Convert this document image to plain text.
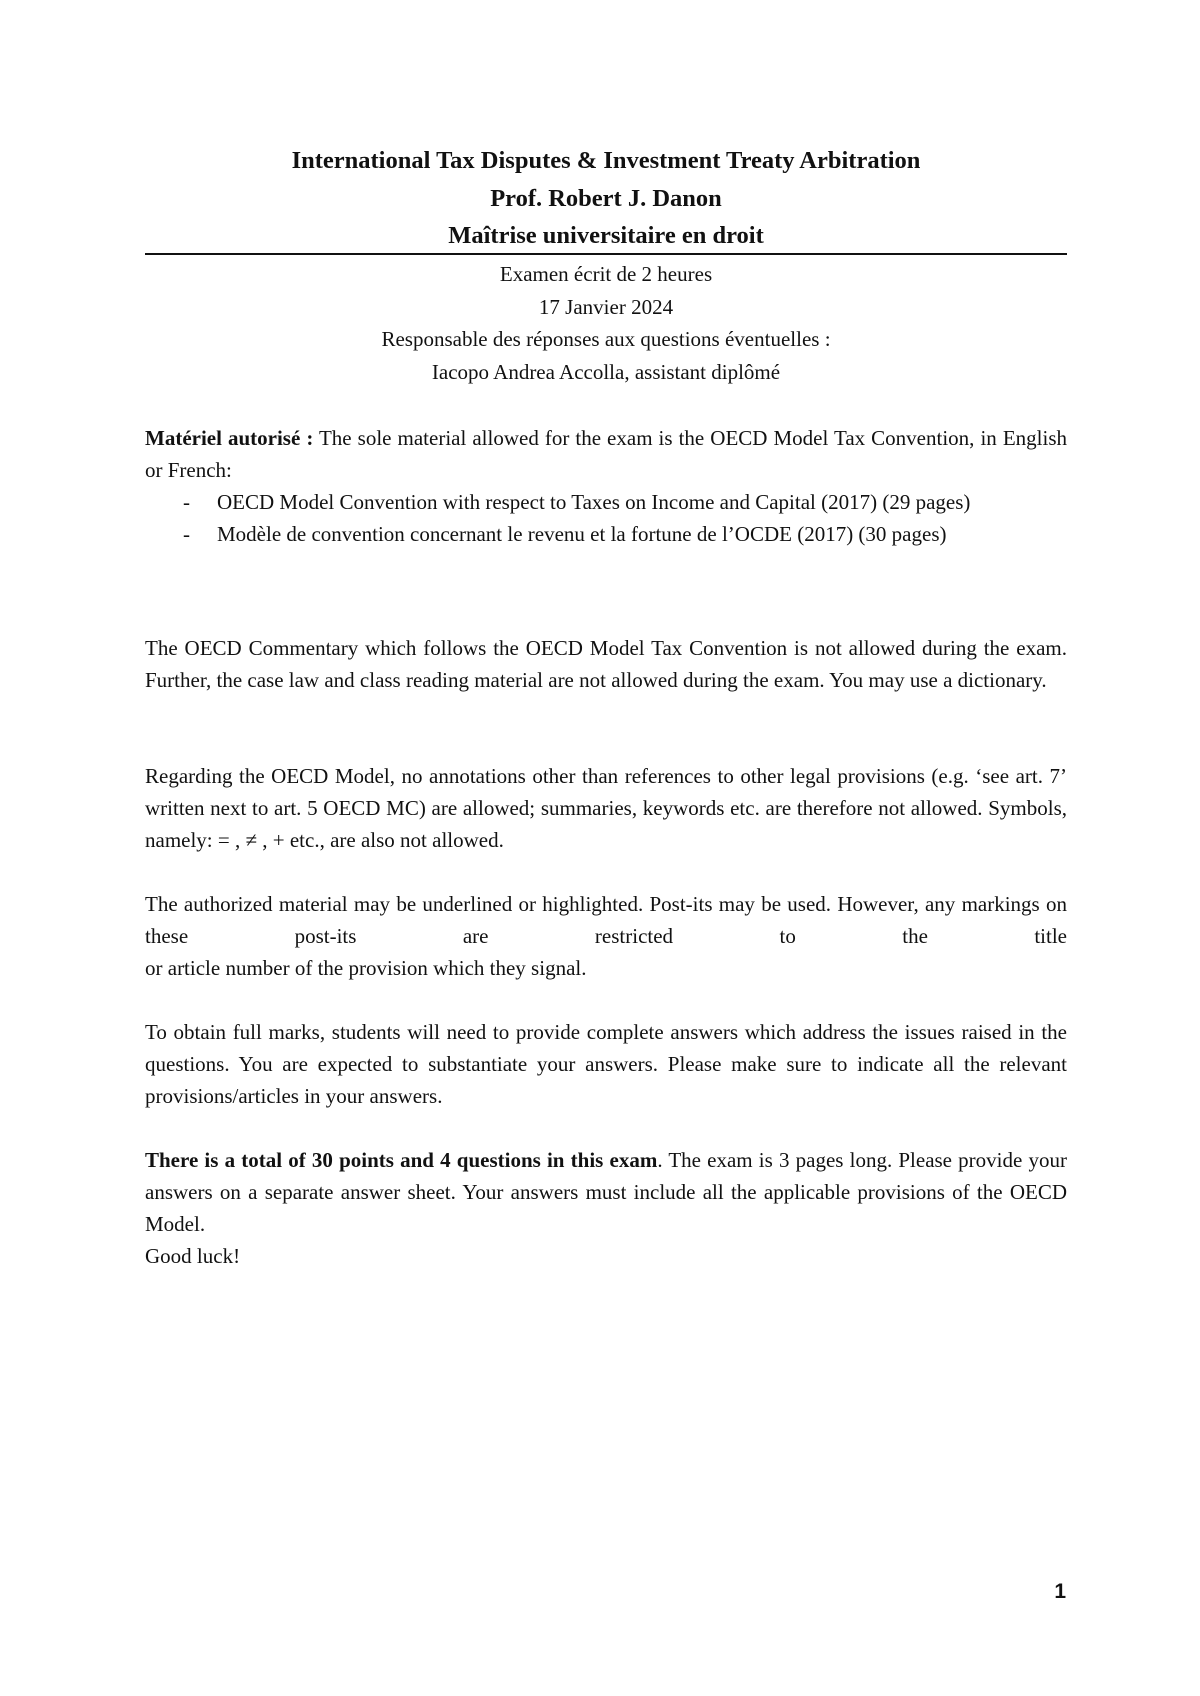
International Tax Disputes & Investment Treaty Arbitration
Prof. Robert J. Danon
Maîtrise universitaire en droit
Examen écrit de 2 heures
17 Janvier 2024
Responsable des réponses aux questions éventuelles :
Iacopo Andrea Accolla, assistant diplômé

Matériel autorisé : The sole material allowed for the exam is the OECD Model Tax Convention, in English or French:

- OECD Model Convention with respect to Taxes on Income and Capital (2017) (29 pages)
- Modèle de convention concernant le revenu et la fortune de l’OCDE (2017) (30 pages)

The OECD Commentary which follows the OECD Model Tax Convention is not allowed during the exam. Further, the case law and class reading material are not allowed during the exam. You may use a dictionary.

Regarding the OECD Model, no annotations other than references to other legal provisions (e.g. ‘see art. 7’ written next to art. 5 OECD MC) are allowed; summaries, keywords etc. are therefore not allowed. Symbols, namely: = , ≠ , + etc., are also not allowed.

The authorized material may be underlined or highlighted. Post-its may be used. However, any markings on these post-its are restricted to the title

or article number of the provision which they signal.

To obtain full marks, students will need to provide complete answers which address the issues raised in the questions. You are expected to substantiate your answers. Please make sure to indicate all the relevant provisions/articles in your answers.

There is a total of 30 points and 4 questions in this exam. The exam is 3 pages long. Please provide your answers on a separate answer sheet. Your answers must include all the applicable provisions of the OECD Model.

Good luck!

1
